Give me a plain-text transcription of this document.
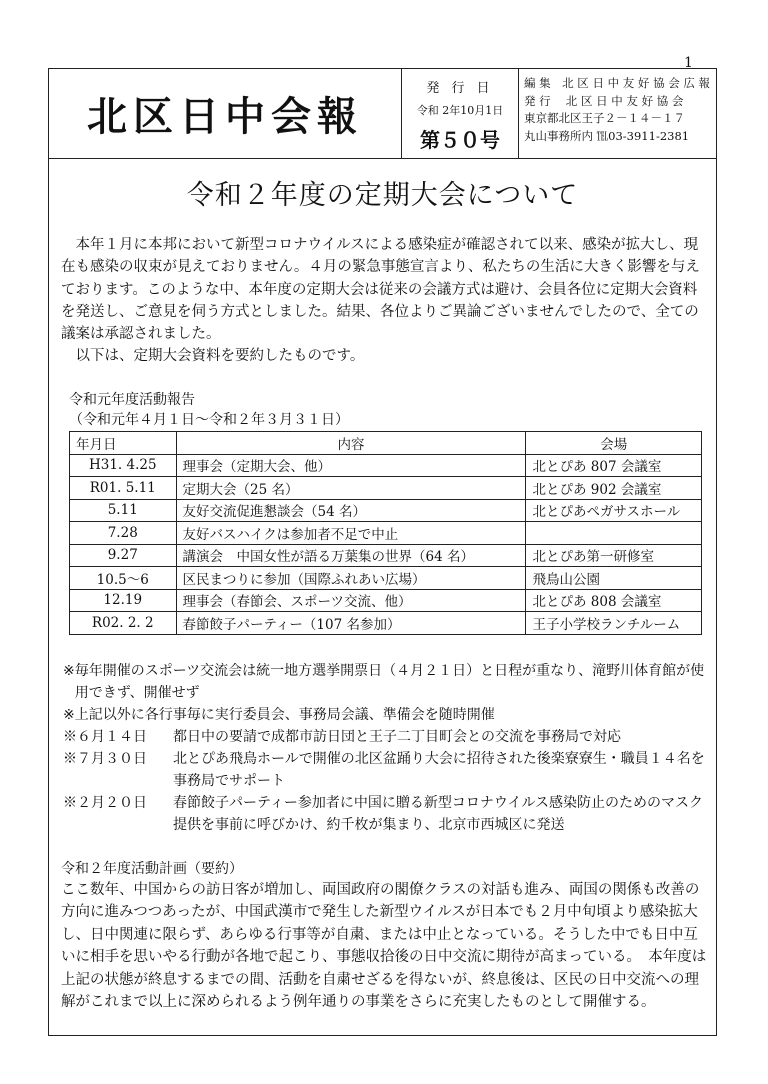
1
北区日中会報
発 行 日
令和 2年10月1日
第５０号
編 集　北 区 日 中 友 好 協 会 広 報
発 行　 北 区 日 中 友 好 協 会
東京都北区王子２－１４－１７
丸山事務所内 ℡03-3911-2381
令和２年度の定期大会について

　本年１月に本邦において新型コロナウイルスによる感染症が確認されて以来、感染が拡大し、現在も感染の収束が見えておりません。４月の緊急事態宣言より、私たちの生活に大きく影響を与えております。このような中、本年度の定期大会は従来の会議方式は避け、会員各位に定期大会資料を発送し、ご意見を伺う方式としました。結果、各位よりご異論ございませんでしたので、全ての議案は承認されました。

　以下は、定期大会資料を要約したものです。

令和元年度活動報告
（令和元年４月１日～令和２年３月３１日）
年月日	内容	会場
H31. 4.25	理事会（定期大会、他）	北とぴあ 807 会議室
R01. 5.11	定期大会（25 名）	北とぴあ 902 会議室
5.11	友好交流促進懇談会（54 名）	北とぴあペガサスホール
7.28	友好バスハイクは参加者不足で中止	
9.27	講演会　中国女性が語る万葉集の世界（64 名）	北とぴあ第一研修室
10.5～6	区民まつりに参加（国際ふれあい広場）	飛鳥山公園
12.19	理事会（春節会、スポーツ交流、他）	北とぴあ 808 会議室
R02. 2. 2	春節餃子パーティー（107 名参加）	王子小学校ランチルーム
※ 毎年開催のスポーツ交流会は統一地方選挙開票日（４月２１日）と日程が重なり、滝野川体育館が使用できず、開催せず
※ 上記以外に各行事毎に実行委員会、事務局会議、準備会を随時開催
※６月１４日	都日中の要請で成都市訪日団と王子二丁目町会との交流を事務局で対応
※７月３０日	北とぴあ飛鳥ホールで開催の北区盆踊り大会に招待された後楽寮寮生・職員１４名を事務局でサポート
※２月２０日	春節餃子パーティー参加者に中国に贈る新型コロナウイルス感染防止のためのマスク提供を事前に呼びかけ、約千枚が集まり、北京市西城区に発送
令和２年度活動計画（要約）

ここ数年、中国からの訪日客が増加し、両国政府の閣僚クラスの対話も進み、両国の関係も改善の方向に進みつつあったが、中国武漢市で発生した新型ウイルスが日本でも２月中旬頃より感染拡大し、日中関連に限らず、あらゆる行事等が自粛、または中止となっている。そうした中でも日中互いに相手を思いやる行動が各地で起こり、事態収拾後の日中交流に期待が高まっている。　本年度は上記の状態が終息するまでの間、活動を自粛せざるを得ないが、終息後は、区民の日中交流への理解がこれまで以上に深められるよう例年通りの事業をさらに充実したものとして開催する。
